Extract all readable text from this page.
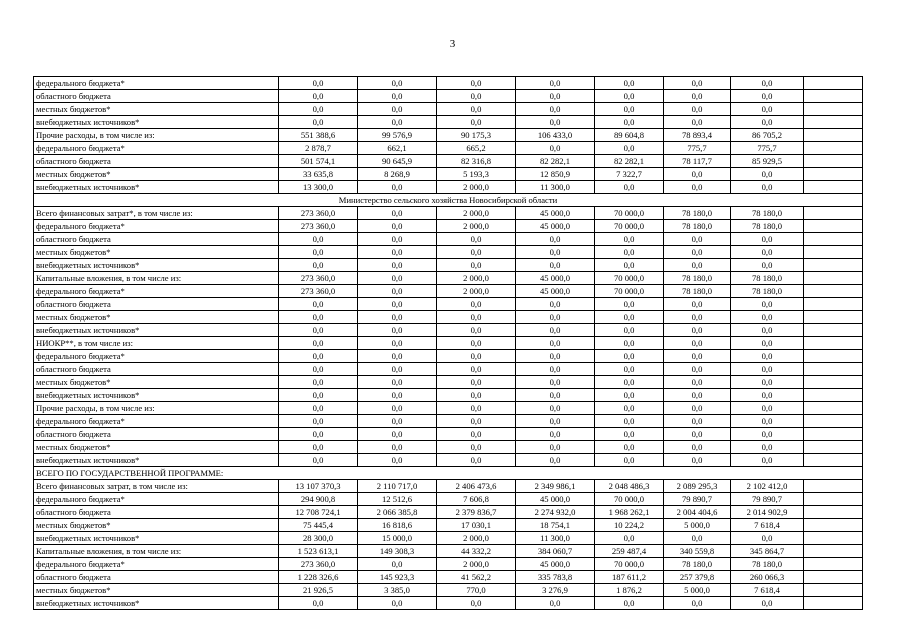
3
федерального бюджета*	0,0	0,0	0,0	0,0	0,0	0,0	0,0	
областного бюджета	0,0	0,0	0,0	0,0	0,0	0,0	0,0	
местных бюджетов*	0,0	0,0	0,0	0,0	0,0	0,0	0,0	
внебюджетных источников*	0,0	0,0	0,0	0,0	0,0	0,0	0,0	
Прочие расходы, в том числе из:	551 388,6	99 576,9	90 175,3	106 433,0	89 604,8	78 893,4	86 705,2	
федерального бюджета*	2 878,7	662,1	665,2	0,0	0,0	775,7	775,7	
областного бюджета	501 574,1	90 645,9	82 316,8	82 282,1	82 282,1	78 117,7	85 929,5	
местных бюджетов*	33 635,8	8 268,9	5 193,3	12 850,9	7 322,7	0,0	0,0	
внебюджетных источников*	13 300,0	0,0	2 000,0	11 300,0	0,0	0,0	0,0	
Министерство сельского хозяйства Новосибирской области								
Всего финансовых затрат*, в том числе из:	273 360,0	0,0	2 000,0	45 000,0	70 000,0	78 180,0	78 180,0	
федерального бюджета*	273 360,0	0,0	2 000,0	45 000,0	70 000,0	78 180,0	78 180,0	
областного бюджета	0,0	0,0	0,0	0,0	0,0	0,0	0,0	
местных бюджетов*	0,0	0,0	0,0	0,0	0,0	0,0	0,0	
внебюджетных источников*	0,0	0,0	0,0	0,0	0,0	0,0	0,0	
Капитальные вложения, в том числе из:	273 360,0	0,0	2 000,0	45 000,0	70 000,0	78 180,0	78 180,0	
федерального бюджета*	273 360,0	0,0	2 000,0	45 000,0	70 000,0	78 180,0	78 180,0	
областного бюджета	0,0	0,0	0,0	0,0	0,0	0,0	0,0	
местных бюджетов*	0,0	0,0	0,0	0,0	0,0	0,0	0,0	
внебюджетных источников*	0,0	0,0	0,0	0,0	0,0	0,0	0,0	
НИОКР**, в том числе из:	0,0	0,0	0,0	0,0	0,0	0,0	0,0	
федерального бюджета*	0,0	0,0	0,0	0,0	0,0	0,0	0,0	
областного бюджета	0,0	0,0	0,0	0,0	0,0	0,0	0,0	
местных бюджетов*	0,0	0,0	0,0	0,0	0,0	0,0	0,0	
внебюджетных источников*	0,0	0,0	0,0	0,0	0,0	0,0	0,0	
Прочие расходы, в том числе из:	0,0	0,0	0,0	0,0	0,0	0,0	0,0	
федерального бюджета*	0,0	0,0	0,0	0,0	0,0	0,0	0,0	
областного бюджета	0,0	0,0	0,0	0,0	0,0	0,0	0,0	
местных бюджетов*	0,0	0,0	0,0	0,0	0,0	0,0	0,0	
внебюджетных источников*	0,0	0,0	0,0	0,0	0,0	0,0	0,0	
ВСЕГО ПО ГОСУДАРСТВЕННОЙ ПРОГРАММЕ:								
Всего финансовых затрат, в том числе из:	13 107 370,3	2 110 717,0	2 406 473,6	2 349 986,1	2 048 486,3	2 089 295,3	2 102 412,0	
федерального бюджета*	294 900,8	12 512,6	7 606,8	45 000,0	70 000,0	79 890,7	79 890,7	
областного бюджета	12 708 724,1	2 066 385,8	2 379 836,7	2 274 932,0	1 968 262,1	2 004 404,6	2 014 902,9	
местных бюджетов*	75 445,4	16 818,6	17 030,1	18 754,1	10 224,2	5 000,0	7 618,4	
внебюджетных источников*	28 300,0	15 000,0	2 000,0	11 300,0	0,0	0,0	0,0	
Капитальные вложения, в том числе из:	1 523 613,1	149 308,3	44 332,2	384 060,7	259 487,4	340 559,8	345 864,7	
федерального бюджета*	273 360,0	0,0	2 000,0	45 000,0	70 000,0	78 180,0	78 180,0	
областного бюджета	1 228 326,6	145 923,3	41 562,2	335 783,8	187 611,2	257 379,8	260 066,3	
местных бюджетов*	21 926,5	3 385,0	770,0	3 276,9	1 876,2	5 000,0	7 618,4	
внебюджетных источников*	0,0	0,0	0,0	0,0	0,0	0,0	0,0	
